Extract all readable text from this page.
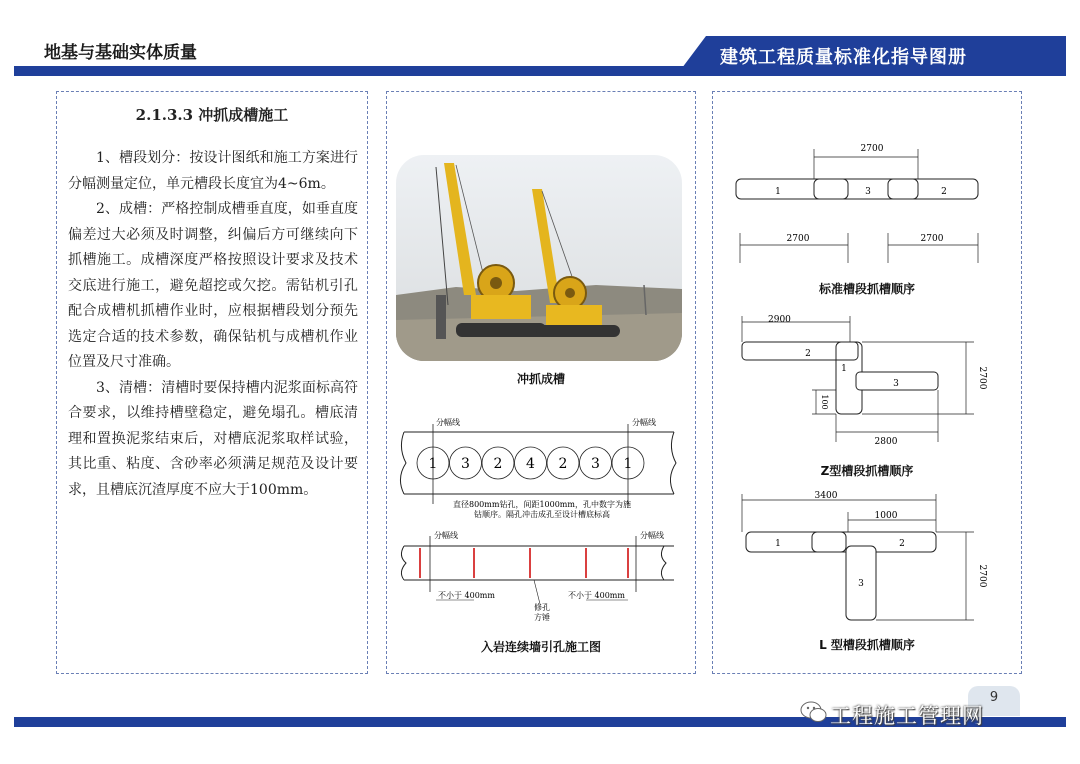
地基与基础实体质量	建筑工程质量标准化指导图册
2.1.3.3 冲抓成槽施工

1、槽段划分：按设计图纸和施工方案进行分幅测量定位，单元槽段长度宜为4~6m。

2、成槽：严格控制成槽垂直度，如垂直度偏差过大必须及时调整，纠偏后方可继续向下抓槽施工。成槽深度严格按照设计要求及技术交底进行施工，避免超挖或欠挖。需钻机引孔配合成槽机抓槽作业时，应根据槽段划分预先选定合适的技术参数，确保钻机与成槽机作业位置及尺寸准确。

3、清槽：清槽时要保持槽内泥浆面标高符合要求，以维持槽壁稳定，避免塌孔。槽底清理和置换泥浆结束后，对槽底泥浆取样试验，其比重、粘度、含砂率必须满足规范及设计要求，且槽底沉渣厚度不应大于100mm。

冲抓成槽
分幅线	分幅线
1 3 2 4 2 3 1
直径800mm钻孔，间距1000mm，孔中数字为施
钻顺序。隔孔冲击成孔至设计槽底标高
分幅线	分幅线
不小于 400mm	不小于 400mm
修孔
方锤
入岩连续墙引孔施工图
2700
1	3	2
2700	2700
标准槽段抓槽顺序
2900
2
1
3	2700
100
2800
Z型槽段抓槽顺序
3400
1000
1	2
3	2700
L 型槽段抓槽顺序
9
工程施工管理网
